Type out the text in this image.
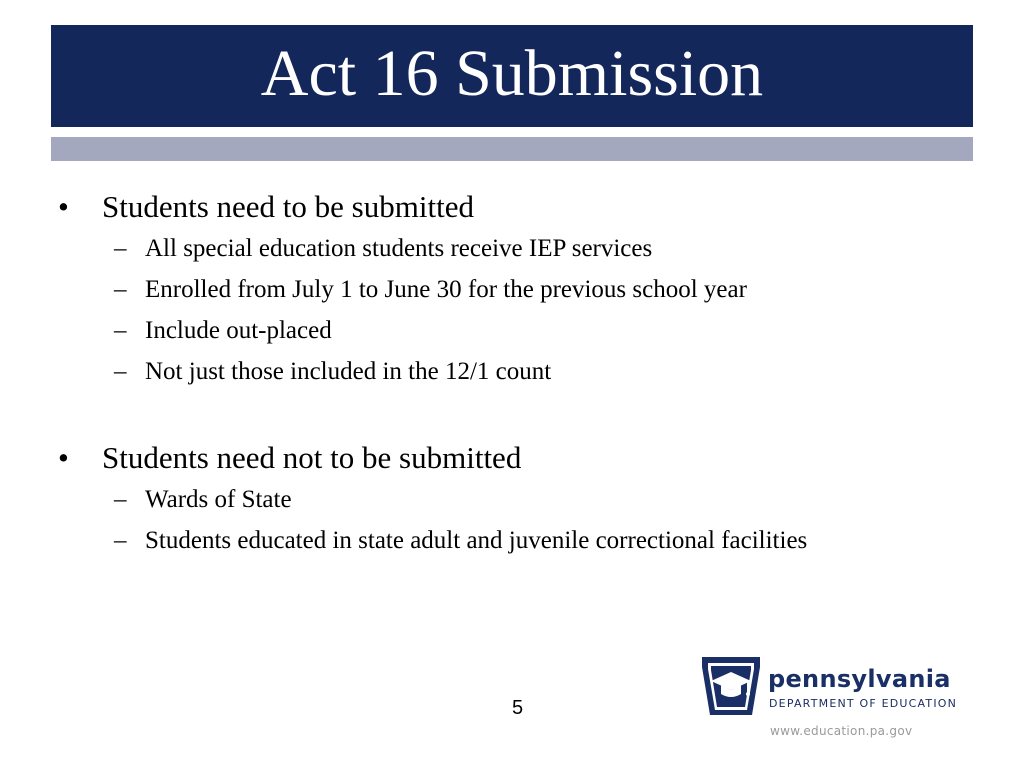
Act 16 Submission
•	Students need to be submitted
– All special education students receive IEP services
– Enrolled from July 1 to June 30 for the previous school year
– Include out-placed
– Not just those included in the 12/1 count
•	Students need not to be submitted
– Wards of State
– Students educated in state adult and juvenile correctional facilities
5
pennsylvania
DEPARTMENT OF EDUCATION
www.education.pa.gov
